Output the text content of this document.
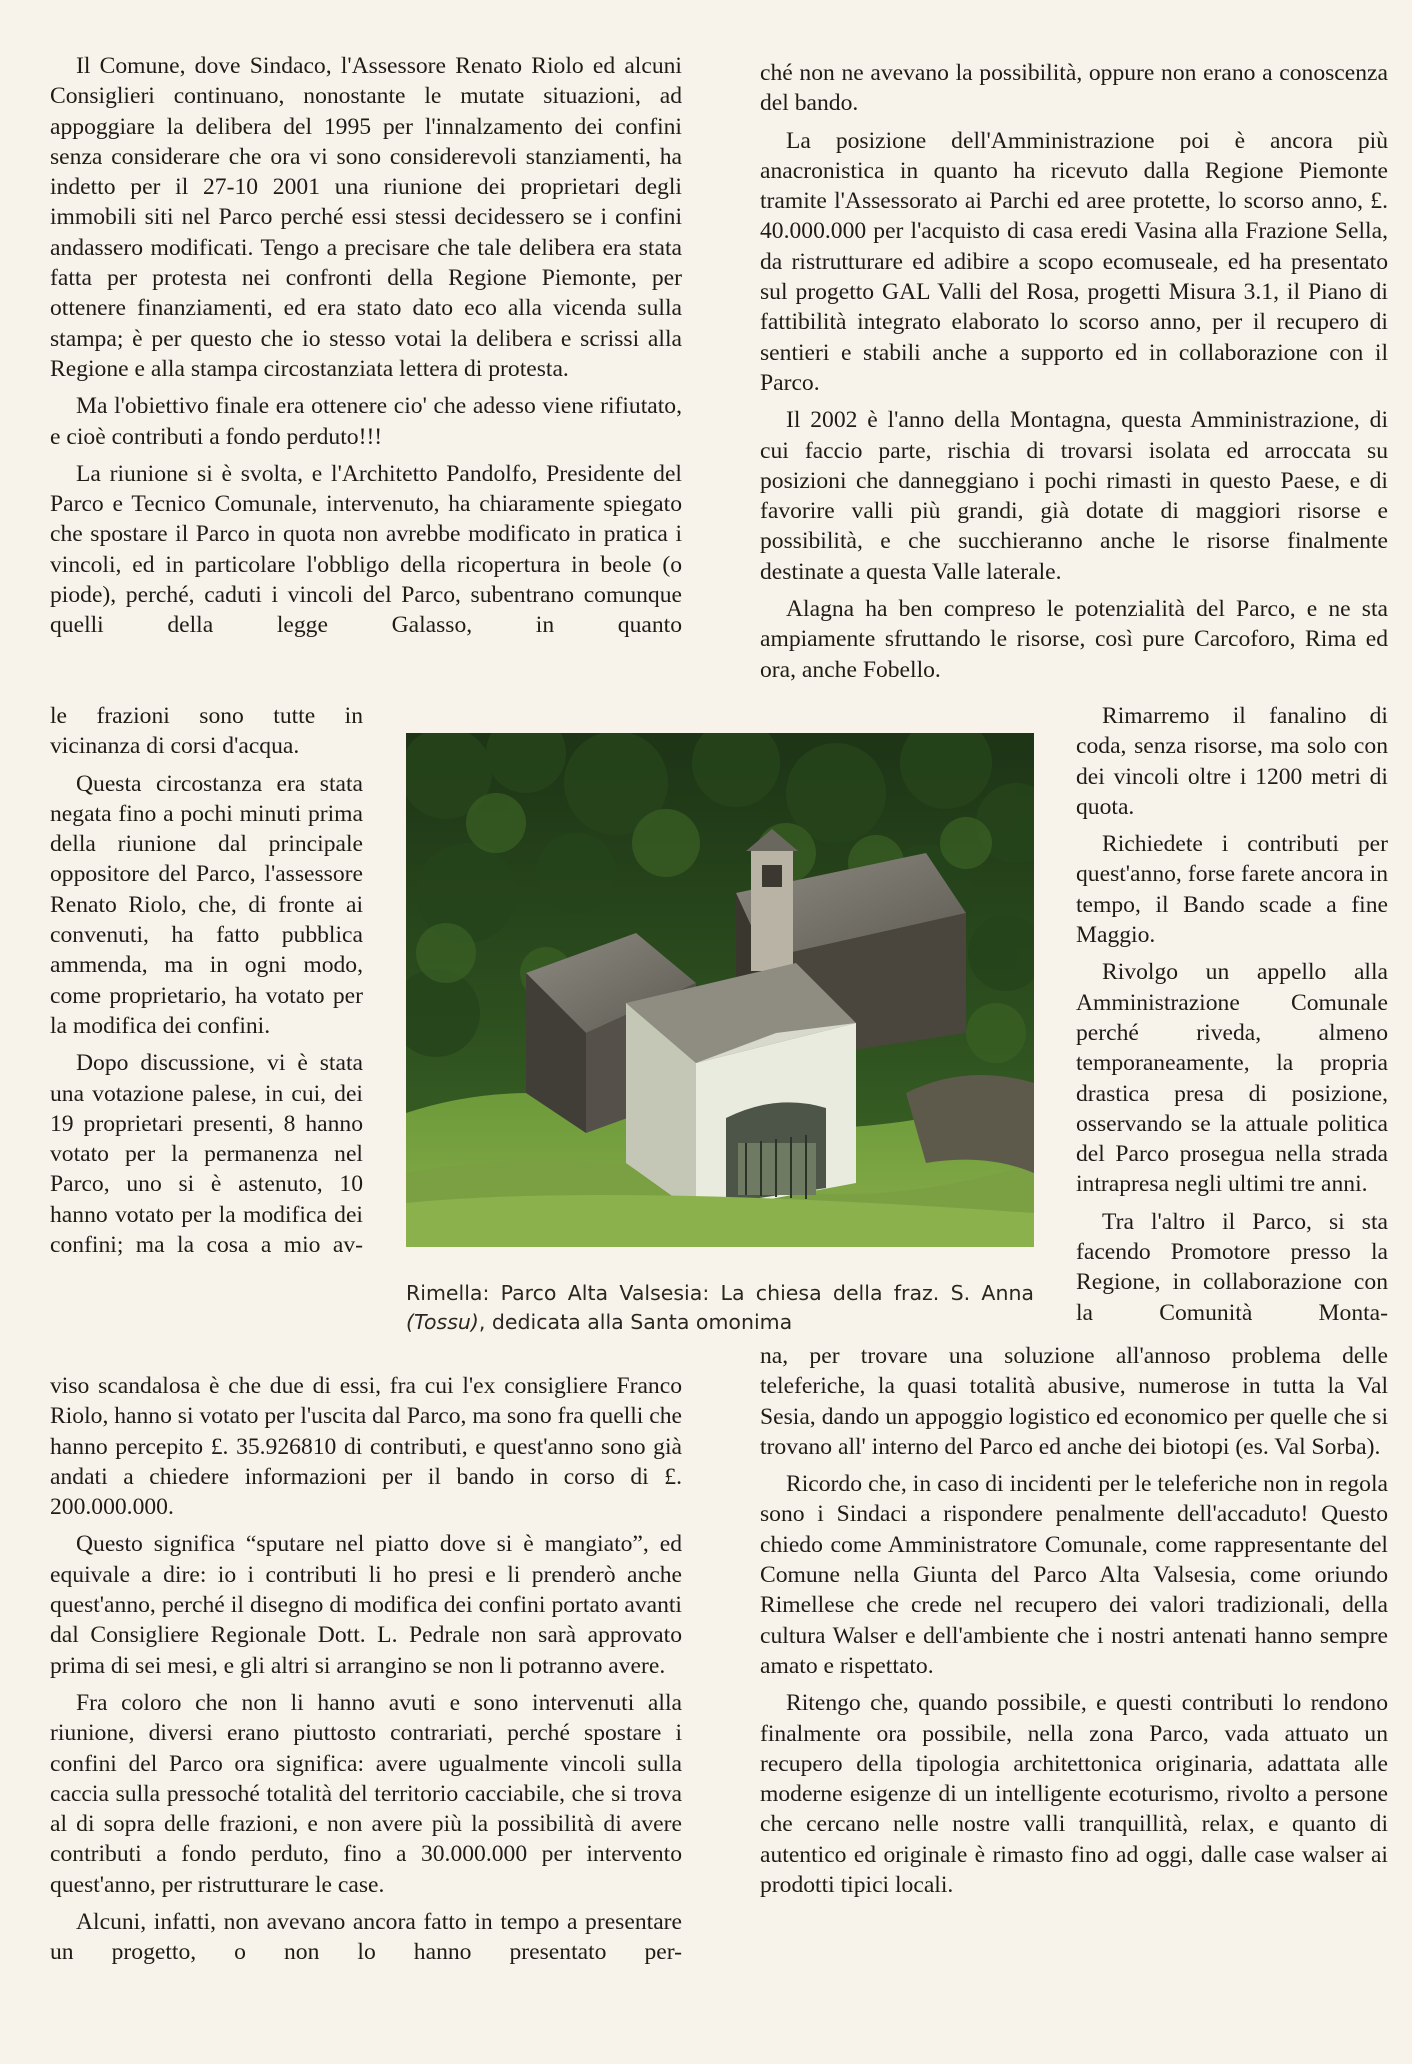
Il Comune, dove Sindaco, l'Assessore Renato Riolo ed alcuni Consiglieri continuano, nonostante le mutate situazioni, ad appoggiare la delibera del 1995 per l'innalzamento dei confini senza considerare che ora vi sono considerevoli stanziamenti, ha indetto per il 27-10 2001 una riunione dei proprietari degli immobili siti nel Parco perché essi stessi decidessero se i confini andassero modificati. Tengo a precisare che tale delibera era stata fatta per protesta nei confronti della Regione Piemonte, per ottenere finanziamenti, ed era stato dato eco alla vicenda sulla stampa; è per questo che io stesso votai la delibera e scrissi alla Regione e alla stampa circostanziata lettera di protesta.

Ma l'obiettivo finale era ottenere cio' che adesso viene rifiutato, e cioè contributi a fondo perduto!!!

La riunione si è svolta, e l'Architetto Pandolfo, Presidente del Parco e Tecnico Comunale, intervenuto, ha chiaramente spiegato che spostare il Parco in quota non avrebbe modificato in pratica i vincoli, ed in particolare l'obbligo della ricopertura in beole (o piode), perché, caduti i vincoli del Parco, subentrano comunque quelli della legge Galasso, in quanto

le frazioni sono tutte in vicinanza di corsi d'acqua.

Questa circostanza era stata negata fino a pochi minuti prima della riunione dal principale oppositore del Parco, l'assessore Renato Riolo, che, di fronte ai convenuti, ha fatto pubblica ammenda, ma in ogni modo, come proprietario, ha votato per la modifica dei confini.

Dopo discussione, vi è stata una votazione palese, in cui, dei 19 proprietari presenti, 8 hanno votato per la permanenza nel Parco, uno si è astenuto, 10 hanno votato per la modifica dei confini; ma la cosa a mio av-

viso scandalosa è che due di essi, fra cui l'ex consigliere Franco Riolo, hanno si votato per l'uscita dal Parco, ma sono fra quelli che hanno percepito £. 35.926810 di contributi, e quest'anno sono già andati a chiedere informazioni per il bando in corso di £. 200.000.000.

Questo significa “sputare nel piatto dove si è mangiato”, ed equivale a dire: io i contributi li ho presi e li prenderò anche quest'anno, perché il disegno di modifica dei confini portato avanti dal Consigliere Regionale Dott. L. Pedrale non sarà approvato prima di sei mesi, e gli altri si arrangino se non li potranno avere.

Fra coloro che non li hanno avuti e sono intervenuti alla riunione, diversi erano piuttosto contrariati, perché spostare i confini del Parco ora significa: avere ugualmente vincoli sulla caccia sulla pressoché totalità del territorio cacciabile, che si trova al di sopra delle frazioni, e non avere più la possibilità di avere contributi a fondo perduto, fino a 30.000.000 per intervento quest'anno, per ristrutturare le case.

Alcuni, infatti, non avevano ancora fatto in tempo a presentare un progetto, o non lo hanno presentato per-

ché non ne avevano la possibilità, oppure non erano a conoscenza del bando.

La posizione dell'Amministrazione poi è ancora più anacronistica in quanto ha ricevuto dalla Regione Piemonte tramite l'Assessorato ai Parchi ed aree protette, lo scorso anno, £. 40.000.000 per l'acquisto di casa eredi Vasina alla Frazione Sella, da ristrutturare ed adibire a scopo ecomuseale, ed ha presentato sul progetto GAL Valli del Rosa, progetti Misura 3.1, il Piano di fattibilità integrato elaborato lo scorso anno, per il recupero di sentieri e stabili anche a supporto ed in collaborazione con il Parco.

Il 2002 è l'anno della Montagna, questa Amministrazione, di cui faccio parte, rischia di trovarsi isolata ed arroccata su posizioni che danneggiano i pochi rimasti in questo Paese, e di favorire valli più grandi, già dotate di maggiori risorse e possibilità, e che succhieranno anche le risorse finalmente destinate a questa Valle laterale.

Alagna ha ben compreso le potenzialità del Parco, e ne sta ampiamente sfruttando le risorse, così pure Carcoforo, Rima ed ora, anche Fobello.

Rimarremo il fanalino di coda, senza risorse, ma solo con dei vincoli oltre i 1200 metri di quota.

Richiedete i contributi per quest'anno, forse farete ancora in tempo, il Bando scade a fine Maggio.

Rivolgo un appello alla Amministrazione Comunale perché riveda, almeno temporaneamente, la propria drastica presa di posizione, osservando se la attuale politica del Parco prosegua nella strada intrapresa negli ultimi tre anni.

Tra l'altro il Parco, si sta facendo Promotore presso la Regione, in collaborazione con la Comunità Monta-

na, per trovare una soluzione all'annoso problema delle teleferiche, la quasi totalità abusive, numerose in tutta la Val Sesia, dando un appoggio logistico ed economico per quelle che si trovano all' interno del Parco ed anche dei biotopi (es. Val Sorba).

Ricordo che, in caso di incidenti per le teleferiche non in regola sono i Sindaci a rispondere penalmente dell'accaduto! Questo chiedo come Amministratore Comunale, come rappresentante del Comune nella Giunta del Parco Alta Valsesia, come oriundo Rimellese che crede nel recupero dei valori tradizionali, della cultura Walser e dell'ambiente che i nostri antenati hanno sempre amato e rispettato.

Ritengo che, quando possibile, e questi contributi lo rendono finalmente ora possibile, nella zona Parco, vada attuato un recupero della tipologia architettonica originaria, adattata alle moderne esigenze di un intelligente ecoturismo, rivolto a persone che cercano nelle nostre valli tranquillità, relax, e quanto di autentico ed originale è rimasto fino ad oggi, dalle case walser ai prodotti tipici locali.

Rimella: Parco Alta Valsesia: La chiesa della fraz. S. Anna (Tossu), dedicata alla Santa omonima
